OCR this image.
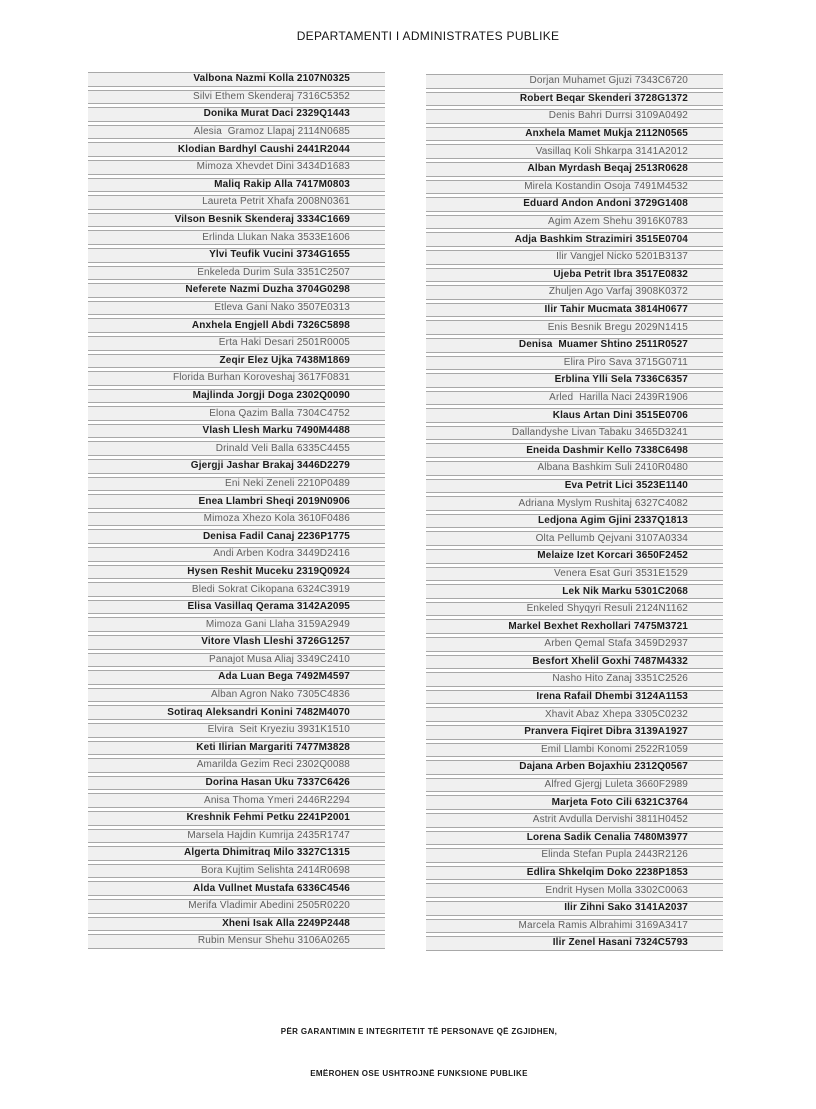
DEPARTAMENTI I ADMINISTRATES PUBLIKE
Valbona Nazmi Kolla 2107N0325
Silvi Ethem Skenderaj 7316C5352
Donika Murat Daci 2329Q1443
Alesia  Gramoz Llapaj 2114N0685
Klodian Bardhyl Caushi 2441R2044
Mimoza Xhevdet Dini 3434D1683
Maliq Rakip Alla 7417M0803
Laureta Petrit Xhafa 2008N0361
Vilson Besnik Skenderaj 3334C1669
Erlinda Llukan Naka 3533E1606
Ylvi Teufik Vucini 3734G1655
Enkeleda Durim Sula 3351C2507
Neferete Nazmi Duzha 3704G0298
Etleva Gani Nako 3507E0313
Anxhela Engjell Abdi 7326C5898
Erta Haki Desari 2501R0005
Zeqir Elez Ujka 7438M1869
Florida Burhan Koroveshaj 3617F0831
Majlinda Jorgji Doga 2302Q0090
Elona Qazim Balla 7304C4752
Vlash Llesh Marku 7490M4488
Drinald Veli Balla 6335C4455
Gjergji Jashar Brakaj 3446D2279
Eni Neki Zeneli 2210P0489
Enea Llambri Sheqi 2019N0906
Mimoza Xhezo Kola 3610F0486
Denisa Fadil Canaj 2236P1775
Andi Arben Kodra 3449D2416
Hysen Reshit Muceku 2319Q0924
Bledi Sokrat Cikopana 6324C3919
Elisa Vasillaq Qerama 3142A2095
Mimoza Gani Llaha 3159A2949
Vitore Vlash Lleshi 3726G1257
Panajot Musa Aliaj 3349C2410
Ada Luan Bega 7492M4597
Alban Agron Nako 7305C4836
Sotiraq Aleksandri Konini 7482M4070
Elvira  Seit Kryeziu 3931K1510
Keti Ilirian Margariti 7477M3828
Amarilda Gezim Reci 2302Q0088
Dorina Hasan Uku 7337C6426
Anisa Thoma Ymeri 2446R2294
Kreshnik Fehmi Petku 2241P2001
Marsela Hajdin Kumrija 2435R1747
Algerta Dhimitraq Milo 3327C1315
Bora Kujtim Selishta 2414R0698
Alda Vullnet Mustafa 6336C4546
Merifa Vladimir Abedini 2505R0220
Xheni Isak Alla 2249P2448
Rubin Mensur Shehu 3106A0265
Dorjan Muhamet Gjuzi 7343C6720
Robert Beqar Skenderi 3728G1372
Denis Bahri Durrsi 3109A0492
Anxhela Mamet Mukja 2112N0565
Vasillaq Koli Shkarpa 3141A2012
Alban Myrdash Beqaj 2513R0628
Mirela Kostandin Osoja 7491M4532
Eduard Andon Andoni 3729G1408
Agim Azem Shehu 3916K0783
Adja Bashkim Strazimiri 3515E0704
Ilir Vangjel Nicko 5201B3137
Ujeba Petrit Ibra 3517E0832
Zhuljen Ago Varfaj 3908K0372
Ilir Tahir Mucmata 3814H0677
Enis Besnik Bregu 2029N1415
Denisa  Muamer Shtino 2511R0527
Elira Piro Sava 3715G0711
Erblina Ylli Sela 7336C6357
Arled  Harilla Naci 2439R1906
Klaus Artan Dini 3515E0706
Dallandyshe Livan Tabaku 3465D3241
Eneida Dashmir Kello 7338C6498
Albana Bashkim Suli 2410R0480
Eva Petrit Lici 3523E1140
Adriana Myslym Rushitaj 6327C4082
Ledjona Agim Gjini 2337Q1813
Olta Pellumb Qejvani 3107A0334
Melaize Izet Korcari 3650F2452
Venera Esat Guri 3531E1529
Lek Nik Marku 5301C2068
Enkeled Shyqyri Resuli 2124N1162
Markel Bexhet Rexhollari 7475M3721
Arben Qemal Stafa 3459D2937
Besfort Xhelil Goxhi 7487M4332
Nasho Hito Zanaj 3351C2526
Irena Rafail Dhembi 3124A1153
Xhavit Abaz Xhepa 3305C0232
Pranvera Fiqiret Dibra 3139A1927
Emil Llambi Konomi 2522R1059
Dajana Arben Bojaxhiu 2312Q0567
Alfred Gjergj Luleta 3660F2989
Marjeta Foto Cili 6321C3764
Astrit Avdulla Dervishi 3811H0452
Lorena Sadik Cenalia 7480M3977
Elinda Stefan Pupla 2443R2126
Edlira Shkelqim Doko 2238P1853
Endrit Hysen Molla 3302C0063
Ilir Zihni Sako 3141A2037
Marcela Ramis Albrahimi 3169A3417
Ilir Zenel Hasani 7324C5793

PËR GARANTIMIN E INTEGRITETIT TË PERSONAVE QË ZGJIDHEN,

EMËROHEN OSE USHTROJNË FUNKSIONE PUBLIKE
